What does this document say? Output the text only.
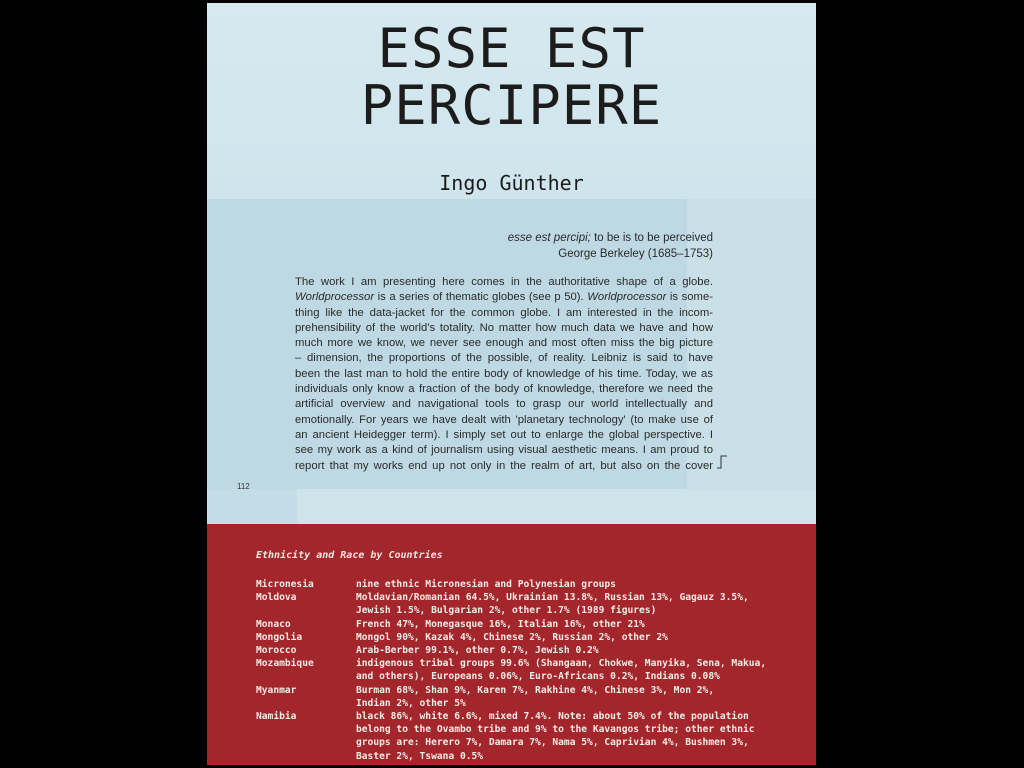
ESSE EST
PERCIPERE

Ingo Günther

esse est percipi; to be is to be perceived
George Berkeley (1685–1753)
The work I am presenting here comes in the authoritative shape of a globe.
Worldprocessor is a series of thematic globes (see p 50). Worldprocessor is some-
thing like the data-jacket for the common globe. I am interested in the incom-
prehensibility of the world's totality. No matter how much data we have and how
much more we know, we never see enough and most often miss the big picture
– dimension, the proportions of the possible, of reality. Leibniz is said to have
been the last man to hold the entire body of knowledge of his time. Today, we as
individuals only know a fraction of the body of knowledge, therefore we need the
artificial overview and navigational tools to grasp our world intellectually and
emotionally. For years we have dealt with 'planetary technology' (to make use of
an ancient Heidegger term). I simply set out to enlarge the global perspective. I
see my work as a kind of journalism using visual aesthetic means. I am proud to
report that my works end up not only in the realm of art, but also on the cover
112
Ethnicity and Race by Countries
Micronesia	nine ethnic Micronesian and Polynesian groups
Moldova	Moldavian/Romanian 64.5%, Ukrainian 13.8%, Russian 13%, Gagauz 3.5%,
Jewish 1.5%, Bulgarian 2%, other 1.7% (1989 figures)
Monaco	French 47%, Monegasque 16%, Italian 16%, other 21%
Mongolia	Mongol 90%, Kazak 4%, Chinese 2%, Russian 2%, other 2%
Morocco	Arab-Berber 99.1%, other 0.7%, Jewish 0.2%
Mozambique	indigenous tribal groups 99.6% (Shangaan, Chokwe, Manyika, Sena, Makua,
and others), Europeans 0.06%, Euro-Africans 0.2%, Indians 0.08%
Myanmar	Burman 68%, Shan 9%, Karen 7%, Rakhine 4%, Chinese 3%, Mon 2%,
Indian 2%, other 5%
Namibia	black 86%, white 6.6%, mixed 7.4%. Note: about 50% of the population
belong to the Ovambo tribe and 9% to the Kavangos tribe; other ethnic
groups are: Herero 7%, Damara 7%, Nama 5%, Caprivian 4%, Bushmen 3%,
Baster 2%, Tswana 0.5%
